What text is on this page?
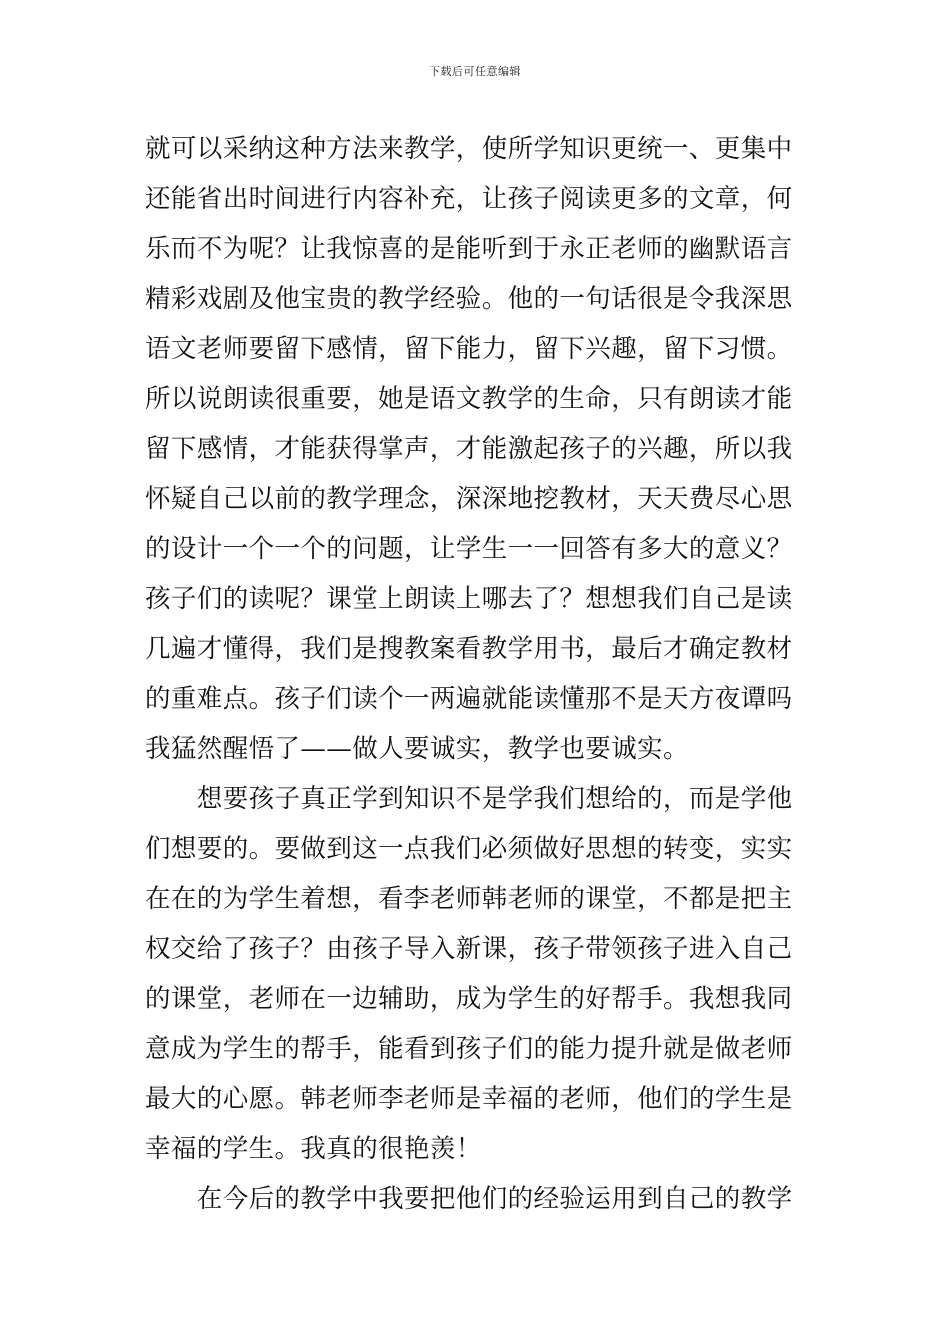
下载后可任意编辑
就可以采纳这种方法来教学，使所学知识更统一、更集中
还能省出时间进行内容补充，让孩子阅读更多的文章，何
乐而不为呢？让我惊喜的是能听到于永正老师的幽默语言
精彩戏剧及他宝贵的教学经验。他的一句话很是令我深思
语文老师要留下感情，留下能力，留下兴趣，留下习惯。
所以说朗读很重要，她是语文教学的生命，只有朗读才能
留下感情，才能获得掌声，才能激起孩子的兴趣，所以我
怀疑自己以前的教学理念，深深地挖教材，天天费尽心思
的设计一个一个的问题，让学生一一回答有多大的意义？
孩子们的读呢？课堂上朗读上哪去了？想想我们自己是读
几遍才懂得，我们是搜教案看教学用书，最后才确定教材
的重难点。孩子们读个一两遍就能读懂那不是天方夜谭吗
我猛然醒悟了——做人要诚实，教学也要诚实。
　　想要孩子真正学到知识不是学我们想给的，而是学他
们想要的。要做到这一点我们必须做好思想的转变，实实
在在的为学生着想，看李老师韩老师的课堂，不都是把主
权交给了孩子？由孩子导入新课，孩子带领孩子进入自己
的课堂，老师在一边辅助，成为学生的好帮手。我想我同
意成为学生的帮手，能看到孩子们的能力提升就是做老师
最大的心愿。韩老师李老师是幸福的老师，他们的学生是
幸福的学生。我真的很艳羡！
　　在今后的教学中我要把他们的经验运用到自己的教学
